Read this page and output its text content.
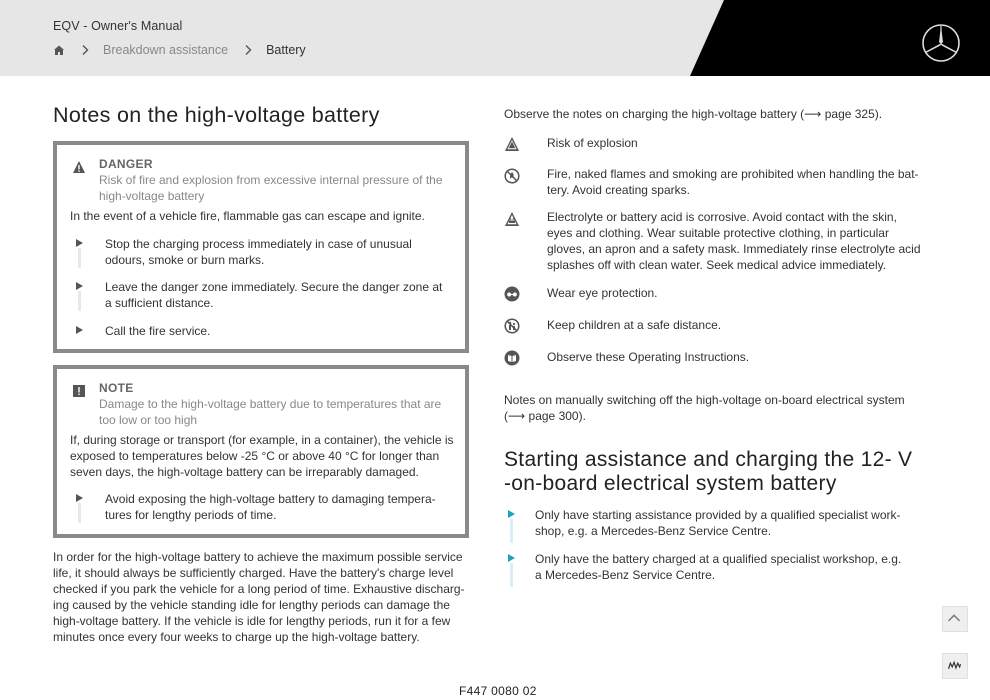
EQV - Owner's Manual
Breakdown assistance	Battery
Notes on the high-voltage battery
DANGER
Risk of fire and explosion from excessive internal pressure of the high-voltage battery
In the event of a vehicle fire, flammable gas can escape and ignite.
Stop the charging process immediately in case of unusual odours, smoke or burn marks.
Leave the danger zone immediately. Secure the danger zone at a sufficient distance.
Call the fire service.
NOTE
Damage to the high-voltage battery due to temperatures that are too low or too high
If, during storage or transport (for example, in a container), the vehicle is exposed to temperatures below -25 °C or above 40 °C for longer than seven days, the high-voltage battery can be irreparably damaged.
Avoid exposing the high-voltage battery to damaging tempera- tures for lengthy periods of time.
In order for the high-voltage battery to achieve the maximum possible service life, it should always be sufficiently charged. Have the battery's charge level checked if you park the vehicle for a long period of time. Exhaustive discharg- ing caused by the vehicle standing idle for lengthy periods can damage the high-voltage battery. If the vehicle is idle for lengthy periods, run it for a few minutes once every four weeks to charge up the high-voltage battery.
Observe the notes on charging the high-voltage battery (⟶ page 325).
Risk of explosion
Fire, naked flames and smoking are prohibited when handling the bat- tery. Avoid creating sparks.
Electrolyte or battery acid is corrosive. Avoid contact with the skin, eyes and clothing. Wear suitable protective clothing, in particular gloves, an apron and a safety mask. Immediately rinse electrolyte acid splashes off with clean water. Seek medical advice immediately.
Wear eye protection.
Keep children at a safe distance.
Observe these Operating Instructions.
Notes on manually switching off the high-voltage on-board electrical system (⟶ page 300).
Starting assistance and charging the 12- V -on-board electrical system battery
Only have starting assistance provided by a qualified specialist work- shop, e.g. a Mercedes-Benz Service Centre.
Only have the battery charged at a qualified specialist workshop, e.g. a Mercedes-Benz Service Centre.
F447 0080 02
